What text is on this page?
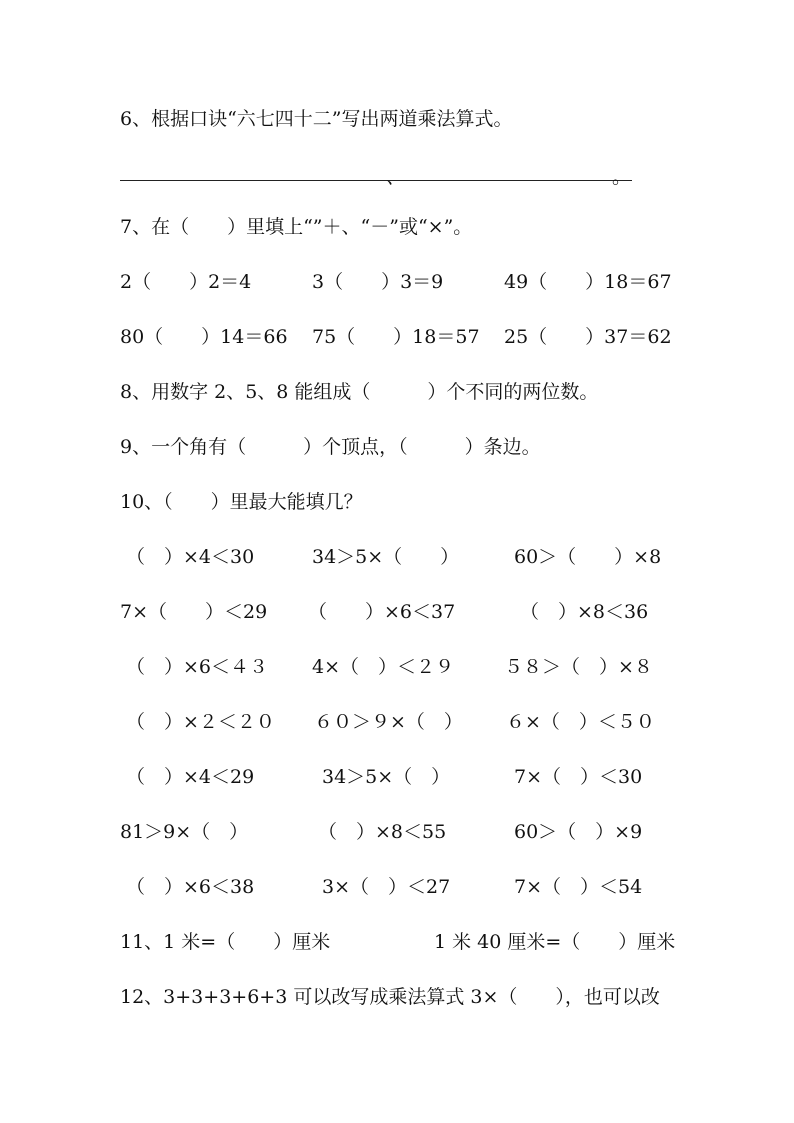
6、根据口诀“六七四十二”写出两道乘法算式。
、	。
7、在（　　）里填上“”＋、“－”或“×”。
2（　　）2＝4	3（　　）3＝9	49（　　）18＝67
80（　　）14＝66 75（　　）18＝57 25（　　）37＝62
8、用数字 2、5、8 能组成（　　　）个不同的两位数。
9、一个角有（　　　）个顶点，（　　　）条边。
10、（　　）里最大能填几？
（　）×4＜30	34＞5×（　　）	60＞（　　）×8
7×（　　）＜29 （　　）×6＜37	（　）×8＜36
（　）×6＜４３ 4×（　）＜２９	５８＞（　）×８
（　）×２＜２０ ６０＞９×（　） ６×（　）＜５０
（　）×4＜29	34＞5×（　）	7×（　）＜30
81＞9×（　）	（　）×8＜55	60＞（　）×9
（　）×6＜38	3×（　）＜27	7×（　）＜54
11、1 米=（　　）厘米	1 米 40 厘米=（　　）厘米
12、3+3+3+6+3 可以改写成乘法算式 3×（　　），也可以改
